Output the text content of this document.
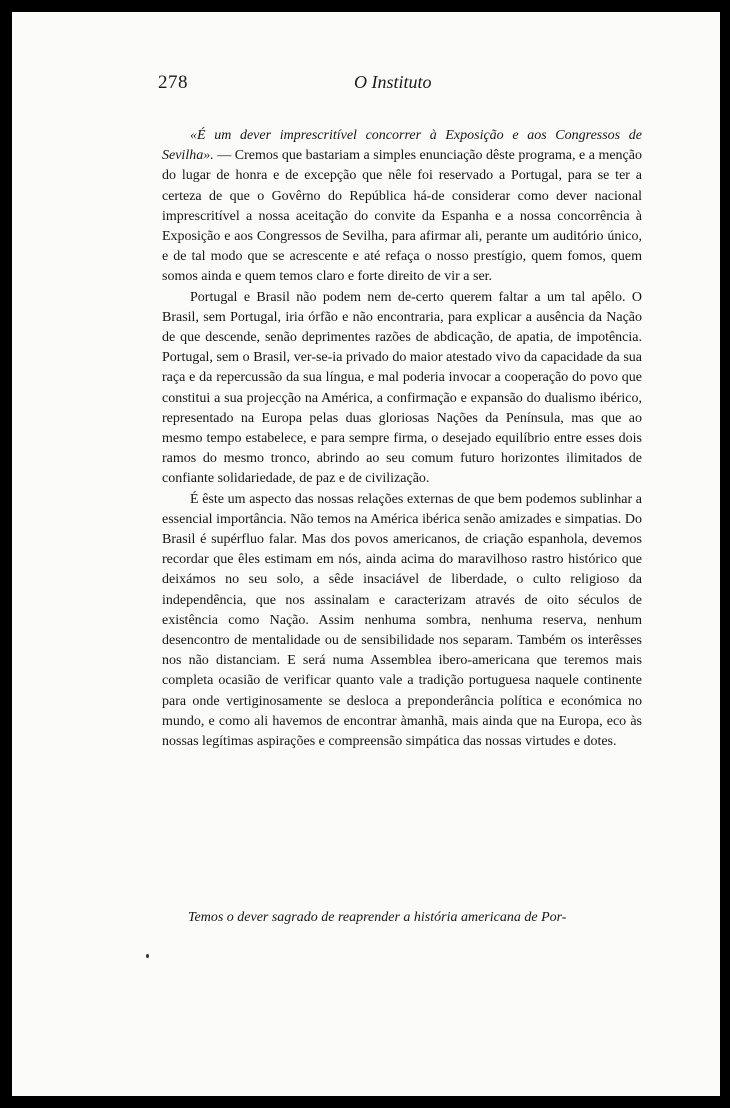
278	O Instituto

«É um dever imprescritível concorrer à Exposição e aos Congressos de Sevilha». — Cremos que bastariam a simples enunciação dêste programa, e a menção do lugar de honra e de excepção que nêle foi reservado a Portugal, para se ter a certeza de que o Govêrno do República há-de considerar como dever nacional imprescritível a nossa aceitação do convite da Espanha e a nossa concorrência à Exposição e aos Congressos de Sevilha, para afirmar ali, perante um auditório único, e de tal modo que se acrescente e até refaça o nosso prestígio, quem fomos, quem somos ainda e quem temos claro e forte direito de vir a ser.

Portugal e Brasil não podem nem de-certo querem faltar a um tal apêlo. O Brasil, sem Portugal, iria órfão e não encontraria, para explicar a ausência da Nação de que descende, senão deprimentes razões de abdicação, de apatia, de impotência. Portugal, sem o Brasil, ver-se-ia privado do maior atestado vivo da capacidade da sua raça e da repercussão da sua língua, e mal poderia invocar a cooperação do povo que constitui a sua projecção na América, a confirmação e expansão do dualismo ibérico, representado na Europa pelas duas gloriosas Nações da Península, mas que ao mesmo tempo estabelece, e para sempre firma, o desejado equilíbrio entre esses dois ramos do mesmo tronco, abrindo ao seu comum futuro horizontes ilimitados de confiante solidariedade, de paz e de civilização.

É êste um aspecto das nossas relações externas de que bem podemos sublinhar a essencial importância. Não temos na América ibérica senão amizades e simpatias. Do Brasil é supérfluo falar. Mas dos povos americanos, de criação espanhola, devemos recordar que êles estimam em nós, ainda acima do maravilhoso rastro histórico que deixámos no seu solo, a sêde insaciável de liberdade, o culto religioso da independência, que nos assinalam e caracterizam através de oito séculos de existência como Nação. Assim nenhuma sombra, nenhuma reserva, nenhum desencontro de mentalidade ou de sensibilidade nos separam. Também os interêsses nos não distanciam. E será numa Assemblea ibero-americana que teremos mais completa ocasião de verificar quanto vale a tradição portuguesa naquele continente para onde vertiginosamente se desloca a preponderância política e económica no mundo, e como ali havemos de encontrar àmanhã, mais ainda que na Europa, eco às nossas legítimas aspirações e compreensão simpática das nossas virtudes e dotes.

Temos o dever sagrado de reaprender a história americana de Por-
